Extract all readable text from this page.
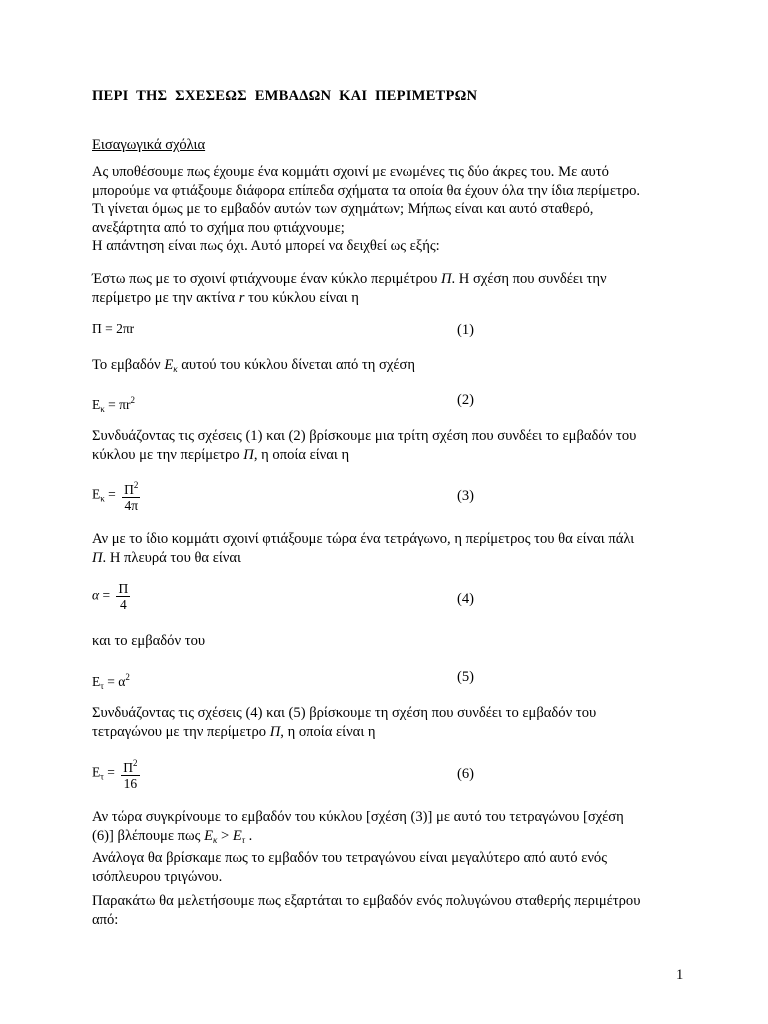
ΠΕΡΙ ΤΗΣ ΣΧΕΣΕΩΣ ΕΜΒΑΔΩΝ ΚΑΙ ΠΕΡΙΜΕΤΡΩΝ
Εισαγωγικά σχόλια
Ας υποθέσουμε πως έχουμε ένα κομμάτι σχοινί με ενωμένες τις δύο άκρες του. Με αυτό
μπορούμε να φτιάξουμε διάφορα επίπεδα σχήματα τα οποία θα έχουν όλα την ίδια περίμετρο.
Τι γίνεται όμως με το εμβαδόν αυτών των σχημάτων; Μήπως είναι και αυτό σταθερό,
ανεξάρτητα από το σχήμα που φτιάχνουμε;
Η απάντηση είναι πως όχι. Αυτό μπορεί να δειχθεί ως εξής:
Έστω πως με το σχοινί φτιάχνουμε έναν κύκλο περιμέτρου Π. Η σχέση που συνδέει την
περίμετρο με την ακτίνα r του κύκλου είναι η
Π = 2πr	(1)
Το εμβαδόν $E_\kappa$ αυτού του κύκλου δίνεται από τη σχέση
$E_\kappa = \pi r^2$	(2)
Συνδυάζοντας τις σχέσεις (1) και (2) βρίσκουμε μια τρίτη σχέση που συνδέει το εμβαδόν του
κύκλου με την περίμετρο Π, η οποία είναι η
$E_\kappa = \frac{\Pi^2}{4\pi}$	(3)
Αν με το ίδιο κομμάτι σχοινί φτιάξουμε τώρα ένα τετράγωνο, η περίμετρος του θα είναι πάλι
Π. Η πλευρά του θα είναι
$\alpha = \frac{\Pi}{4}$	(4)
και το εμβαδόν του
$E_\tau = \alpha^2$	(5)
Συνδυάζοντας τις σχέσεις (4) και (5) βρίσκουμε τη σχέση που συνδέει το εμβαδόν του
τετραγώνου με την περίμετρο Π, η οποία είναι η
$E_\tau = \frac{\Pi^2}{16}$	(6)
Αν τώρα συγκρίνουμε το εμβαδόν του κύκλου [σχέση (3)] με αυτό του τετραγώνου [σχέση
(6)] βλέπουμε πως $E_\kappa > E_\tau$ .
Ανάλογα θα βρίσκαμε πως το εμβαδόν του τετραγώνου είναι μεγαλύτερο από αυτό ενός
ισόπλευρου τριγώνου.
Παρακάτω θα μελετήσουμε πως εξαρτάται το εμβαδόν ενός πολυγώνου σταθερής περιμέτρου
από:
1
